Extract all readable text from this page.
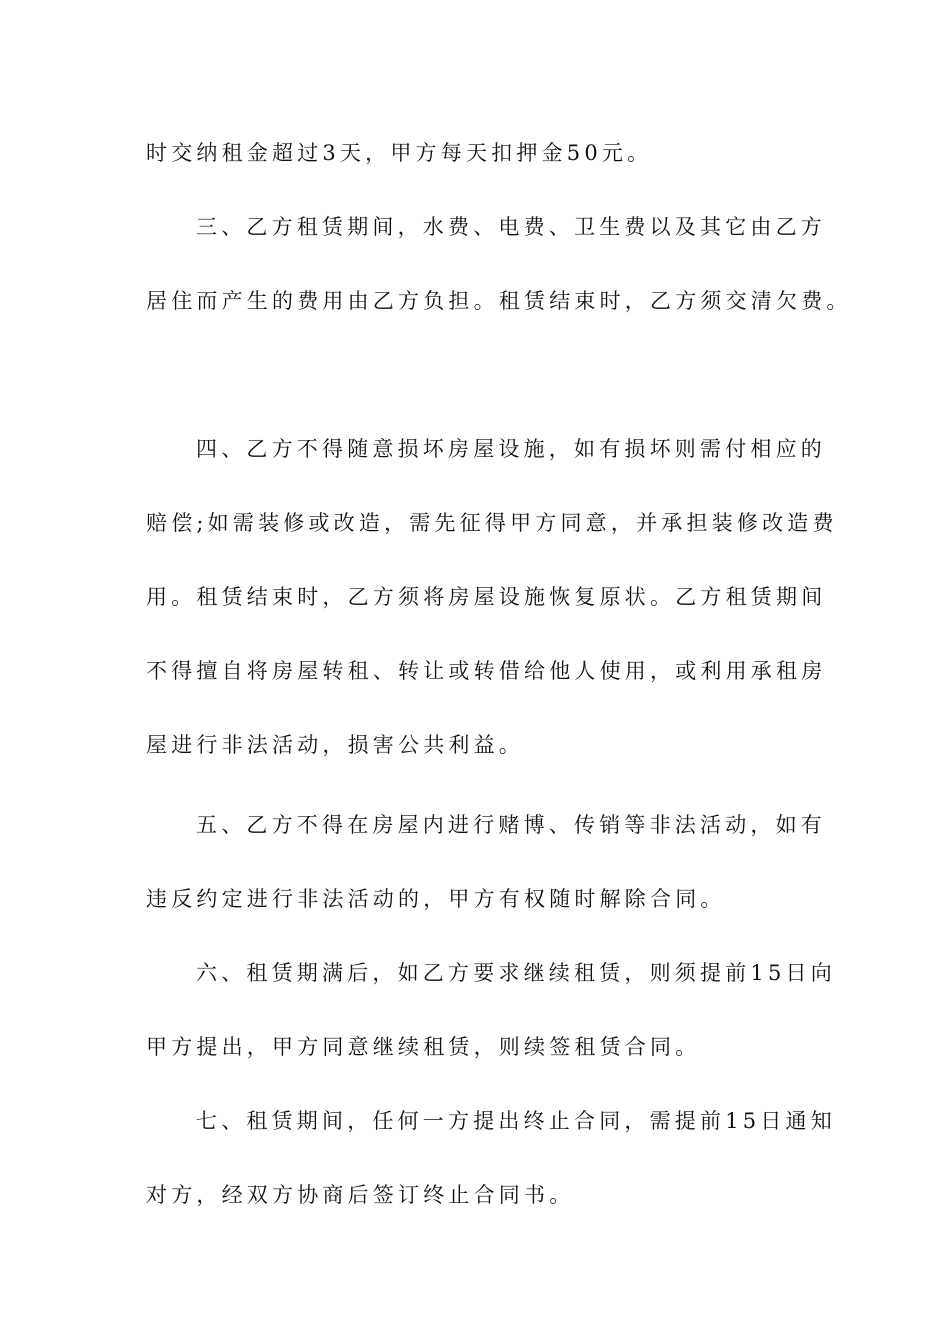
时交纳租金超过3天，甲方每天扣押金50元。
三、乙方租赁期间，水费、电费、卫生费以及其它由乙方
居住而产生的费用由乙方负担。租赁结束时，乙方须交清欠费。
四、乙方不得随意损坏房屋设施，如有损坏则需付相应的
赔偿;如需装修或改造，需先征得甲方同意，并承担装修改造费
用。租赁结束时，乙方须将房屋设施恢复原状。乙方租赁期间
不得擅自将房屋转租、转让或转借给他人使用，或利用承租房
屋进行非法活动，损害公共利益。
五、乙方不得在房屋内进行赌博、传销等非法活动，如有
违反约定进行非法活动的，甲方有权随时解除合同。
六、租赁期满后，如乙方要求继续租赁，则须提前15日向
甲方提出，甲方同意继续租赁，则续签租赁合同。
七、租赁期间，任何一方提出终止合同，需提前15日通知
对方，经双方协商后签订终止合同书。
